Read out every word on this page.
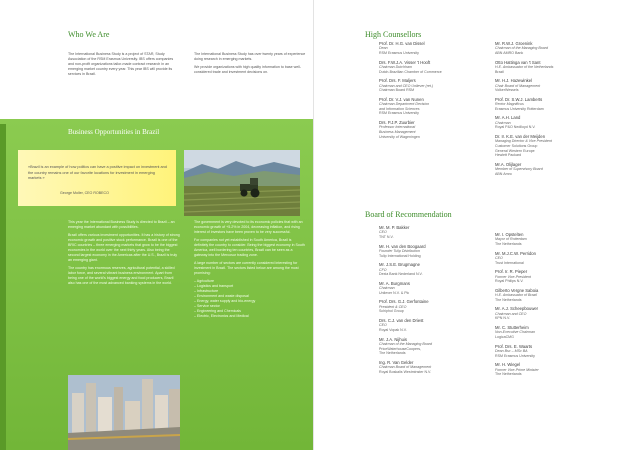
Who We Are
The International Business Study is a project of STAR, Study Association of the RSM Erasmus University. IBS offers companies and non-profit organizations tailor-made contract research in an emerging market country every year. This year IBS will provide its services in Brazil.
The International Business Study has over twenty years of experience doing research in emerging markets.
We provide organizations with high quality information to base well-considered trade and investment decisions on.
Business Opportunities in Brazil
«Brazil is an example of how politics can have a positive impact on investment and the country remains one of our favorite locations for investment in emerging markets »
George Moller, CEO ROBECO
This year the International Business Study is directed to Brazil – an emerging market abundant with possibilities.
Brazil offers various investment opportunities. It has a history of strong economic growth and positive stock performance. Brazil is one of the BRIC countries – three emerging markets that grow to be the biggest economies in the world over the next thirty years. Also being the second largest economy in the Americas after the U.S., Brazil is truly an emerging giant.
The country has enormous reserves, agricultural potential, a skilled labor force, and several vibrant business environment. Apart from being one of the world's biggest energy and food producers, Brazil also has one of the most advanced banking systems in the world.
The government is very devoted to its economic policies that with an economic growth of +5.2% in 2004, decreasing inflation, and rising interest of investors have been proven to be very successful.
For companies not yet established in South America, Brazil is definitely the country to consider. Being the biggest economy in South America, well bordering ten countries, Brazil can be seen as a gateway into the Mercosur trading zone.
A large number of sectors are currently considered interesting for investment in Brazil. The sectors listed below are among the most promising:
– Agriculture
– Logistics and transport
– Infrastructure
– Environment and waste disposal
– Energy, water supply and bio-energy
– Service sector
– Engineering and Chemicals
– Electric, Electronics and Medical
High Counsellors
Prof. Dr. H.G. van Dissel
Dean
RSM Erasmus University
Drs. F.W.J.A. Visser 't Hooft
Chairman Dutchham
Dutch-Brazilian Chamber of Commerce
Prof. Drs. F. Maljers
Chairman and CEO Unilever (ret.)
Chairman Board RSM
Prof. Dr. V.J. van Nunen
Chairman Department Decision
and Information Sciences
RSM Erasmus University
Drs. P.J.P. Zuurbier
Professor International
Business Management
University of Wageningen
Mr. R.W.J. Groenink
Chairman of the Managing Board
ABN AMRO Bank
Otto Hattinga van 't Sant
H.E. Ambassador of the Netherlands
Brazil
Mr. H.J. Hazewinkel
Chair Board of Management
VolkerWessels
Prof. Dr. S.W.J. Lamberts
Rector Magnificus
Erasmus University Rotterdam
Mr. A.H. Land
Chairman
Royal P&O Nedlloyd N.V.
Dr. Ir. K.E. van der Meijden
Managing Director & Vice President
Customer Solutions Group
General Western Europe
Hewlett Packard
Mr.A. Olijlager
Member of Supervisory Board
ABN Amro
Board of Recommendation
Mr. M. P. Bakker
CEO
TNT N.V.
Mr. H. van den Boogaard
Founder Tulip Distribution
Tulip International Holding
Mr. J.S.E. Brugmagne
CFO
Dexia Bank Nederland N.V.
Mr. A. Burgmans
Chairman
Unilever N.V. & Plc
Prof. Drs. G.J. Gerfontaine
President & CEO
Schiphol Group
Drs. C.J. van den Driest
CEO
Royal Vopak N.V.
Mr. J.A. Nijhuis
Chairman of the Managing Board
PriceWaterhouseCoopers,
The Netherlands
Ing. R. Van Gelder
Chairman Board of Management
Royal Boskalis Westminster N.V.
Mr. I. Opstelten
Mayor of Rotterdam
The Netherlands
Mr. M.J.C.W. Perridon
CEO
Trust International
Prof. Ir. R. Pieper
Former Vice-President
Royal Philips N.V.
Gilberto Vergne Saboia
H.E. Ambassador of Brazil
The Netherlands
Mr. A.J. Scheepbouwer
Chairman and CEO
KPN N.V.
Mr. C. Stutterheim
Non-Executive Chairman
LogicaCMG
Prof. Drs. E. Waarts
Dean Bsc – MSc BA
RSM Erasmus University
Mr. H. Wiegel
Former Vice-Prime Minister
The Netherlands
